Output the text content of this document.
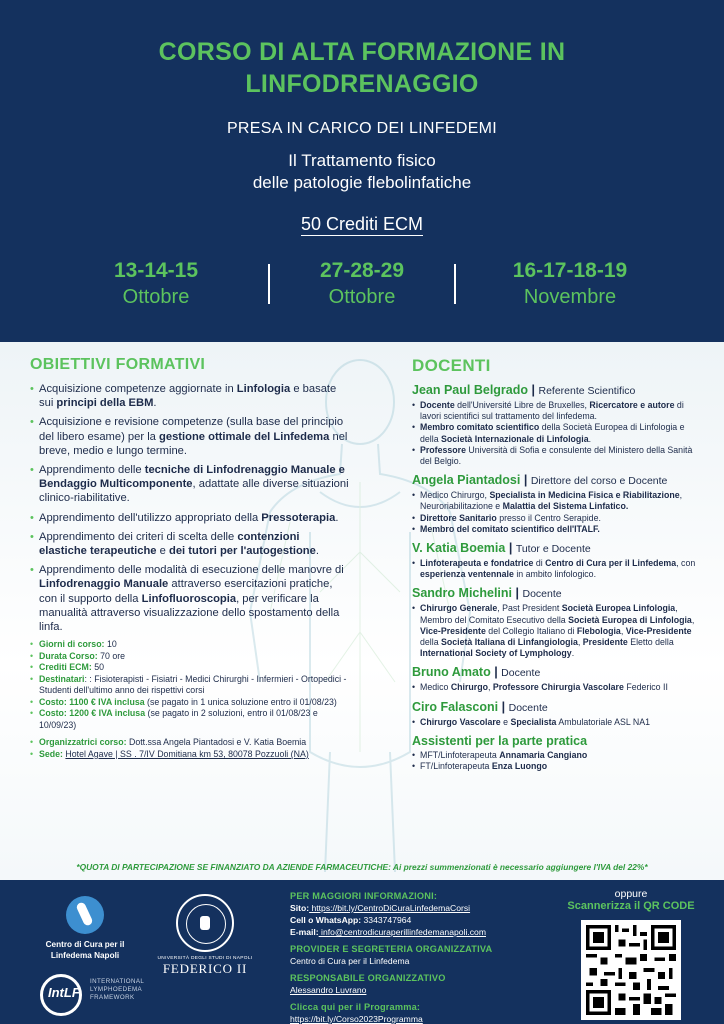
CORSO DI ALTA FORMAZIONE IN
LINFODRENAGGIO
PRESA IN CARICO DEI LINFEDEMI
Il Trattamento fisico
delle patologie flebolinfatiche
50 Crediti ECM
13-14-15
Ottobre
27-28-29
Ottobre
16-17-18-19
Novembre
OBIETTIVI FORMATIVI
• Acquisizione competenze aggiornate in Linfologia e basate sui principi della EBM.
• Acquisizione e revisione competenze (sulla base del principio del libero esame) per la gestione ottimale del Linfedema nel breve, medio e lungo termine.
• Apprendimento delle tecniche di Linfodrenaggio Manuale e Bendaggio Multicomponente, adattate alle diverse situazioni clinico-riabilitative.
• Apprendimento dell'utilizzo appropriato della Pressoterapia.
• Apprendimento dei criteri di scelta delle contenzioni elastiche terapeutiche e dei tutori per l'autogestione.
• Apprendimento delle modalità di esecuzione delle manovre di Linfodrenaggio Manuale attraverso esercitazioni pratiche, con il supporto della Linfofluoroscopia, per verificare la manualità attraverso visualizzazione dello spostamento della linfa.
• Giorni di corso: 10
• Durata Corso: 70 ore
• Crediti ECM: 50
• Destinatari: : Fisioterapisti - Fisiatri - Medici Chirurghi - Infermieri - Ortopedici - Studenti dell'ultimo anno dei rispettivi corsi
• Costo: 1100 € IVA inclusa (se pagato in 1 unica soluzione entro il 01/08/23)
• Costo: 1200 € IVA inclusa (se pagato in 2 soluzioni, entro il 01/08/23 e 10/09/23)
• Organizzatrici corso: Dott.ssa Angela Piantadosi e V. Katia Boemia
• Sede: Hotel Agave | SS . 7/IV Domitiana km 53, 80078 Pozzuoli (NA)
DOCENTI
Jean Paul Belgrado | Referente Scientifico
• Docente dell'Université Libre de Bruxelles, Ricercatore e autore di lavori scientifici sul trattamento del linfedema.
• Membro comitato scientifico della Società Europea di Linfologia e della Società Internazionale di Linfologia.
• Professore Università di Sofia e consulente del Ministero della Sanità del Belgio.
Angela Piantadosi | Direttore del corso e Docente
• Medico Chirurgo, Specialista in Medicina Fisica e Riabilitazione, Neuroriabilitazione e Malattia del Sistema Linfatico.
• Direttore Sanitario presso il Centro Serapide.
• Membro del comitato scientifico dell'ITALF.
V. Katia Boemia | Tutor e Docente
• Linfoterapeuta e fondatrice di Centro di Cura per il Linfedema, con esperienza ventennale in ambito linfologico.
Sandro Michelini | Docente
• Chirurgo Generale, Past President Società Europea Linfologia, Membro del Comitato Esecutivo della Società Europea di Linfologia, Vice-Presidente del Collegio Italiano di Flebologia, Vice-Presidente della Società Italiana di Linfangiologia, Presidente Eletto della International Society of Lymphology.
Bruno Amato | Docente
• Medico Chirurgo, Professore Chirurgia Vascolare Federico II
Ciro Falasconi | Docente
• Chirurgo Vascolare e Specialista Ambulatoriale ASL NA1
Assistenti per la parte pratica
• MFT/Linfoterapeuta Annamaria Cangiano
• FT/Linfoterapeuta Enza Luongo
*QUOTA DI PARTECIPAZIONE SE FINANZIATO DA AZIENDE FARMACEUTICHE: Ai prezzi summenzionati è necessario aggiungere l'IVA del 22%*
Centro di Cura per il
Linfedema Napoli	UNIVERSITÀ DEGLI STUDI DI NAPOLI
FEDERICO II
IntLF
INTERNATIONAL
LYMPHOEDEMA
FRAMEWORK
PER MAGGIORI INFORMAZIONI:
Sito: https://bit.ly/CentroDiCuraLinfedemaCorsi
Cell o WhatsApp: 3343747964
E-mail: info@centrodicuraperillinfedemanapoli.com
PROVIDER E SEGRETERIA ORGANIZZATIVA
Centro di Cura per il Linfedema
RESPONSABILE ORGANIZZATIVO
Alessandro Luvrano
Clicca qui per il Programma:
https://bit.ly/Corso2023Programma
oppure
Scannerizza il QR CODE
